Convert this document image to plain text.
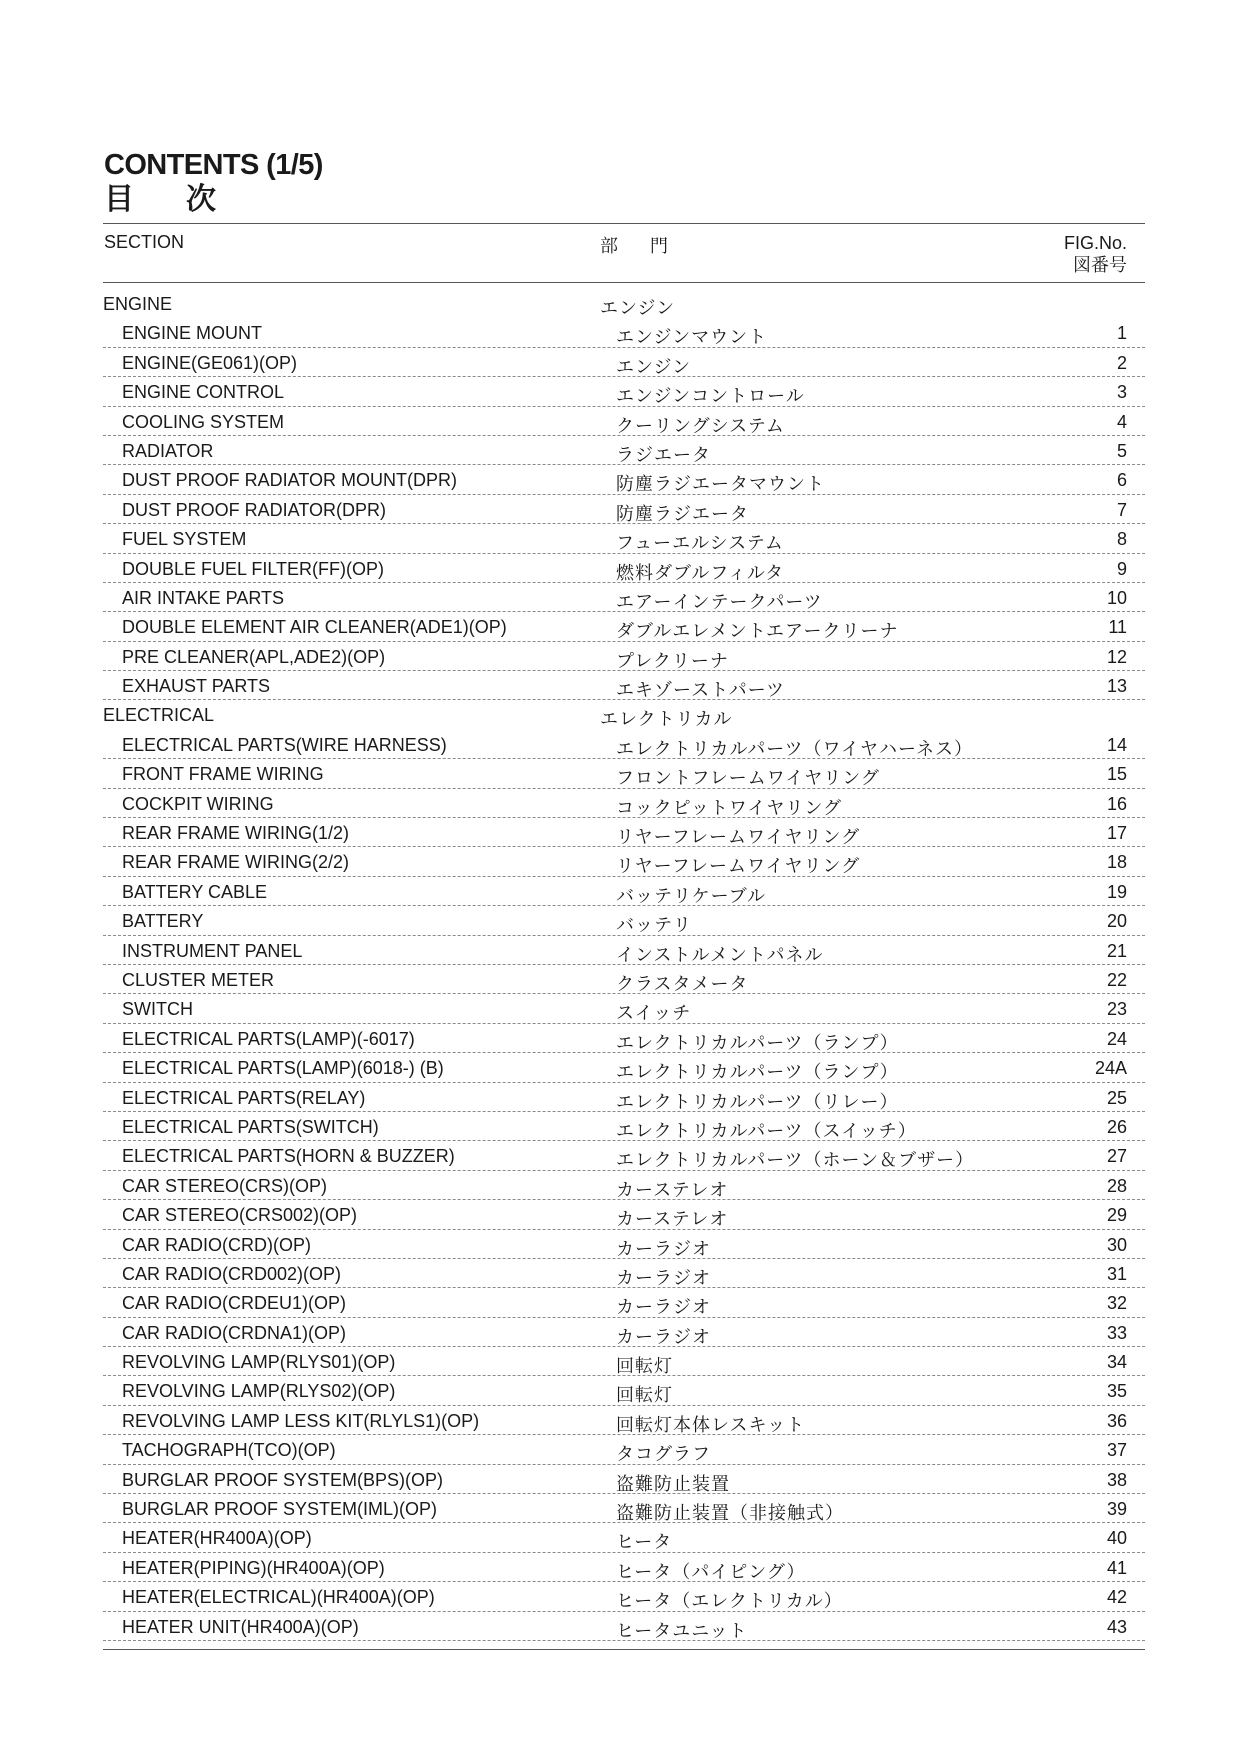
CONTENTS (1/5)
目次
SECTION	部門	FIG.No.
図番号
ENGINE	エンジン
ENGINE MOUNT	エンジンマウント	1
ENGINE(GE061)(OP)	エンジン	2
ENGINE CONTROL	エンジンコントロール	3
COOLING SYSTEM	クーリングシステム	4
RADIATOR	ラジエータ	5
DUST PROOF RADIATOR MOUNT(DPR)	防塵ラジエータマウント	6
DUST PROOF RADIATOR(DPR)	防塵ラジエータ	7
FUEL SYSTEM	フューエルシステム	8
DOUBLE FUEL FILTER(FF)(OP)	燃料ダブルフィルタ	9
AIR INTAKE PARTS	エアーインテークパーツ	10
DOUBLE ELEMENT AIR CLEANER(ADE1)(OP)	ダブルエレメントエアークリーナ	11
PRE CLEANER(APL,ADE2)(OP)	プレクリーナ	12
EXHAUST PARTS	エキゾーストパーツ	13
ELECTRICAL	エレクトリカル
ELECTRICAL PARTS(WIRE HARNESS)	エレクトリカルパーツ（ワイヤハーネス）	14
FRONT FRAME WIRING	フロントフレームワイヤリング	15
COCKPIT WIRING	コックピットワイヤリング	16
REAR FRAME WIRING(1/2)	リヤーフレームワイヤリング	17
REAR FRAME WIRING(2/2)	リヤーフレームワイヤリング	18
BATTERY CABLE	バッテリケーブル	19
BATTERY	バッテリ	20
INSTRUMENT PANEL	インストルメントパネル	21
CLUSTER METER	クラスタメータ	22
SWITCH	スイッチ	23
ELECTRICAL PARTS(LAMP)(-6017)	エレクトリカルパーツ（ランプ）	24
ELECTRICAL PARTS(LAMP)(6018-) (B)	エレクトリカルパーツ（ランプ）	24A
ELECTRICAL PARTS(RELAY)	エレクトリカルパーツ（リレー）	25
ELECTRICAL PARTS(SWITCH)	エレクトリカルパーツ（スイッチ）	26
ELECTRICAL PARTS(HORN & BUZZER)	エレクトリカルパーツ（ホーン＆ブザー）	27
CAR STEREO(CRS)(OP)	カーステレオ	28
CAR STEREO(CRS002)(OP)	カーステレオ	29
CAR RADIO(CRD)(OP)	カーラジオ	30
CAR RADIO(CRD002)(OP)	カーラジオ	31
CAR RADIO(CRDEU1)(OP)	カーラジオ	32
CAR RADIO(CRDNA1)(OP)	カーラジオ	33
REVOLVING LAMP(RLYS01)(OP)	回転灯	34
REVOLVING LAMP(RLYS02)(OP)	回転灯	35
REVOLVING LAMP LESS KIT(RLYLS1)(OP)	回転灯本体レスキット	36
TACHOGRAPH(TCO)(OP)	タコグラフ	37
BURGLAR PROOF SYSTEM(BPS)(OP)	盗難防止装置	38
BURGLAR PROOF SYSTEM(IML)(OP)	盗難防止装置（非接触式）	39
HEATER(HR400A)(OP)	ヒータ	40
HEATER(PIPING)(HR400A)(OP)	ヒータ（パイピング）	41
HEATER(ELECTRICAL)(HR400A)(OP)	ヒータ（エレクトリカル）	42
HEATER UNIT(HR400A)(OP)	ヒータユニット	43
